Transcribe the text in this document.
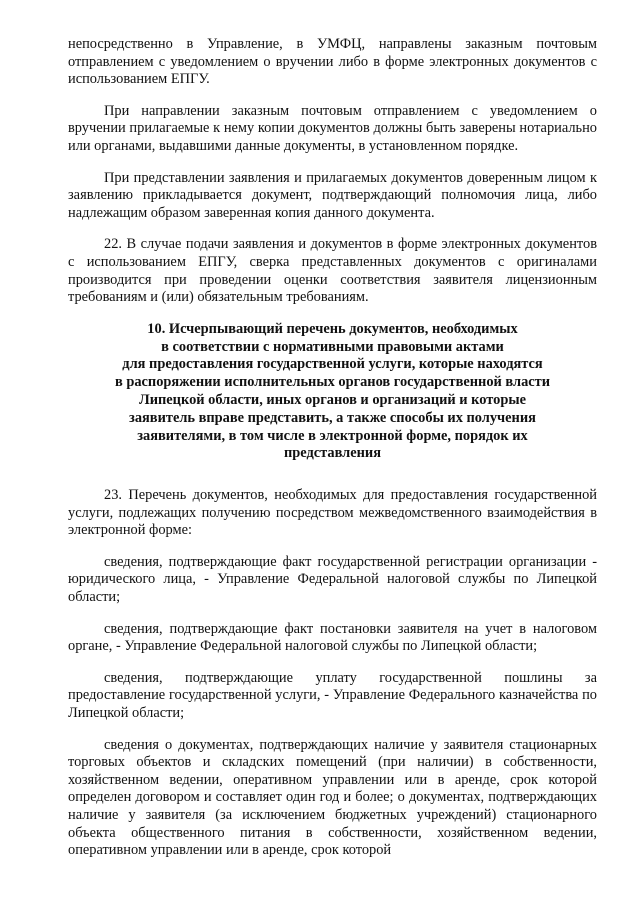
непосредственно в Управление, в УМФЦ, направлены заказным почтовым отправлением с уведомлением о вручении либо в форме электронных документов с использованием ЕПГУ.

При направлении заказным почтовым отправлением с уведомлением о вручении прилагаемые к нему копии документов должны быть заверены нотариально или органами, выдавшими данные документы, в установленном порядке.

При представлении заявления и прилагаемых документов доверенным лицом к заявлению прикладывается документ, подтверждающий полномочия лица, либо надлежащим образом заверенная копия данного документа.

22. В случае подачи заявления и документов в форме электронных документов с использованием ЕПГУ, сверка представленных документов с оригиналами производится при проведении оценки соответствия заявителя лицензионным требованиям и (или) обязательным требованиям.

10. Исчерпывающий перечень документов, необходимых
в соответствии с нормативными правовыми актами
для предоставления государственной услуги, которые находятся
в распоряжении исполнительных органов государственной власти
Липецкой области, иных органов и организаций и которые
заявитель вправе представить, а также способы их получения
заявителями, в том числе в электронной форме, порядок их
представления

23. Перечень документов, необходимых для предоставления государственной услуги, подлежащих получению посредством межведомственного взаимодействия в электронной форме:

сведения, подтверждающие факт государственной регистрации организации - юридического лица, - Управление Федеральной налоговой службы по Липецкой области;

сведения, подтверждающие факт постановки заявителя на учет в налоговом органе, - Управление Федеральной налоговой службы по Липецкой области;

сведения, подтверждающие уплату государственной пошлины за предоставление государственной услуги, - Управление Федерального казначейства по Липецкой области;

сведения о документах, подтверждающих наличие у заявителя стационарных торговых объектов и складских помещений (при наличии) в собственности, хозяйственном ведении, оперативном управлении или в аренде, срок которой определен договором и составляет один год и более; о документах, подтверждающих наличие у заявителя (за исключением бюджетных учреждений) стационарного объекта общественного питания в собственности, хозяйственном ведении, оперативном управлении или в аренде, срок которой
